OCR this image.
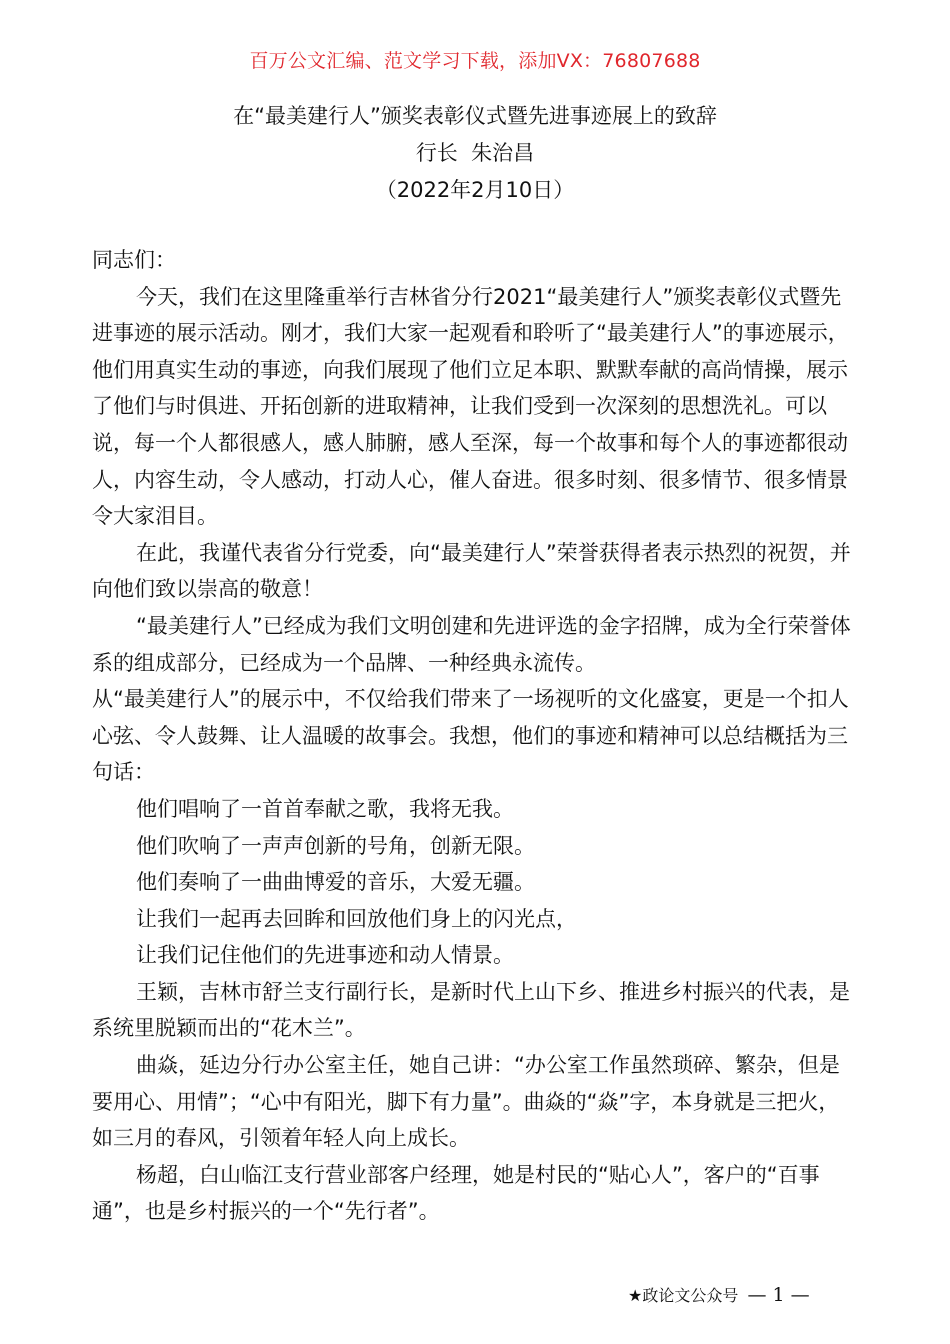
百万公文汇编、范文学习下载，添加VX：76807688
在“最美建行人”颁奖表彰仪式暨先进事迹展上的致辞
行长  朱治昌
（2022年2月10日）

同志们：

今天，我们在这里隆重举行吉林省分行2021“最美建行人”颁奖表彰仪式暨先进事迹的展示活动。刚才，我们大家一起观看和聆听了“最美建行人”的事迹展示，他们用真实生动的事迹，向我们展现了他们立足本职、默默奉献的高尚情操，展示了他们与时俱进、开拓创新的进取精神，让我们受到一次深刻的思想洗礼。可以说，每一个人都很感人，感人肺腑，感人至深，每一个故事和每个人的事迹都很动人，内容生动，令人感动，打动人心，催人奋进。很多时刻、很多情节、很多情景令大家泪目。

在此，我谨代表省分行党委，向“最美建行人”荣誉获得者表示热烈的祝贺，并向他们致以崇高的敬意！

“最美建行人”已经成为我们文明创建和先进评选的金字招牌，成为全行荣誉体系的组成部分，已经成为一个品牌、一种经典永流传。

从“最美建行人”的展示中，不仅给我们带来了一场视听的文化盛宴，更是一个扣人心弦、令人鼓舞、让人温暖的故事会。我想，他们的事迹和精神可以总结概括为三句话：

他们唱响了一首首奉献之歌，我将无我。

他们吹响了一声声创新的号角，创新无限。

他们奏响了一曲曲博爱的音乐，大爱无疆。

让我们一起再去回眸和回放他们身上的闪光点，

让我们记住他们的先进事迹和动人情景。

王颖，吉林市舒兰支行副行长，是新时代上山下乡、推进乡村振兴的代表，是系统里脱颖而出的“花木兰”。

曲焱，延边分行办公室主任，她自己讲：“办公室工作虽然琐碎、繁杂，但是要用心、用情”；“心中有阳光，脚下有力量”。曲焱的“焱”字，本身就是三把火，如三月的春风，引领着年轻人向上成长。

杨超，白山临江支行营业部客户经理，她是村民的“贴心人”，客户的“百事通”，也是乡村振兴的一个“先行者”。

★政论文公众号 — 1 —
